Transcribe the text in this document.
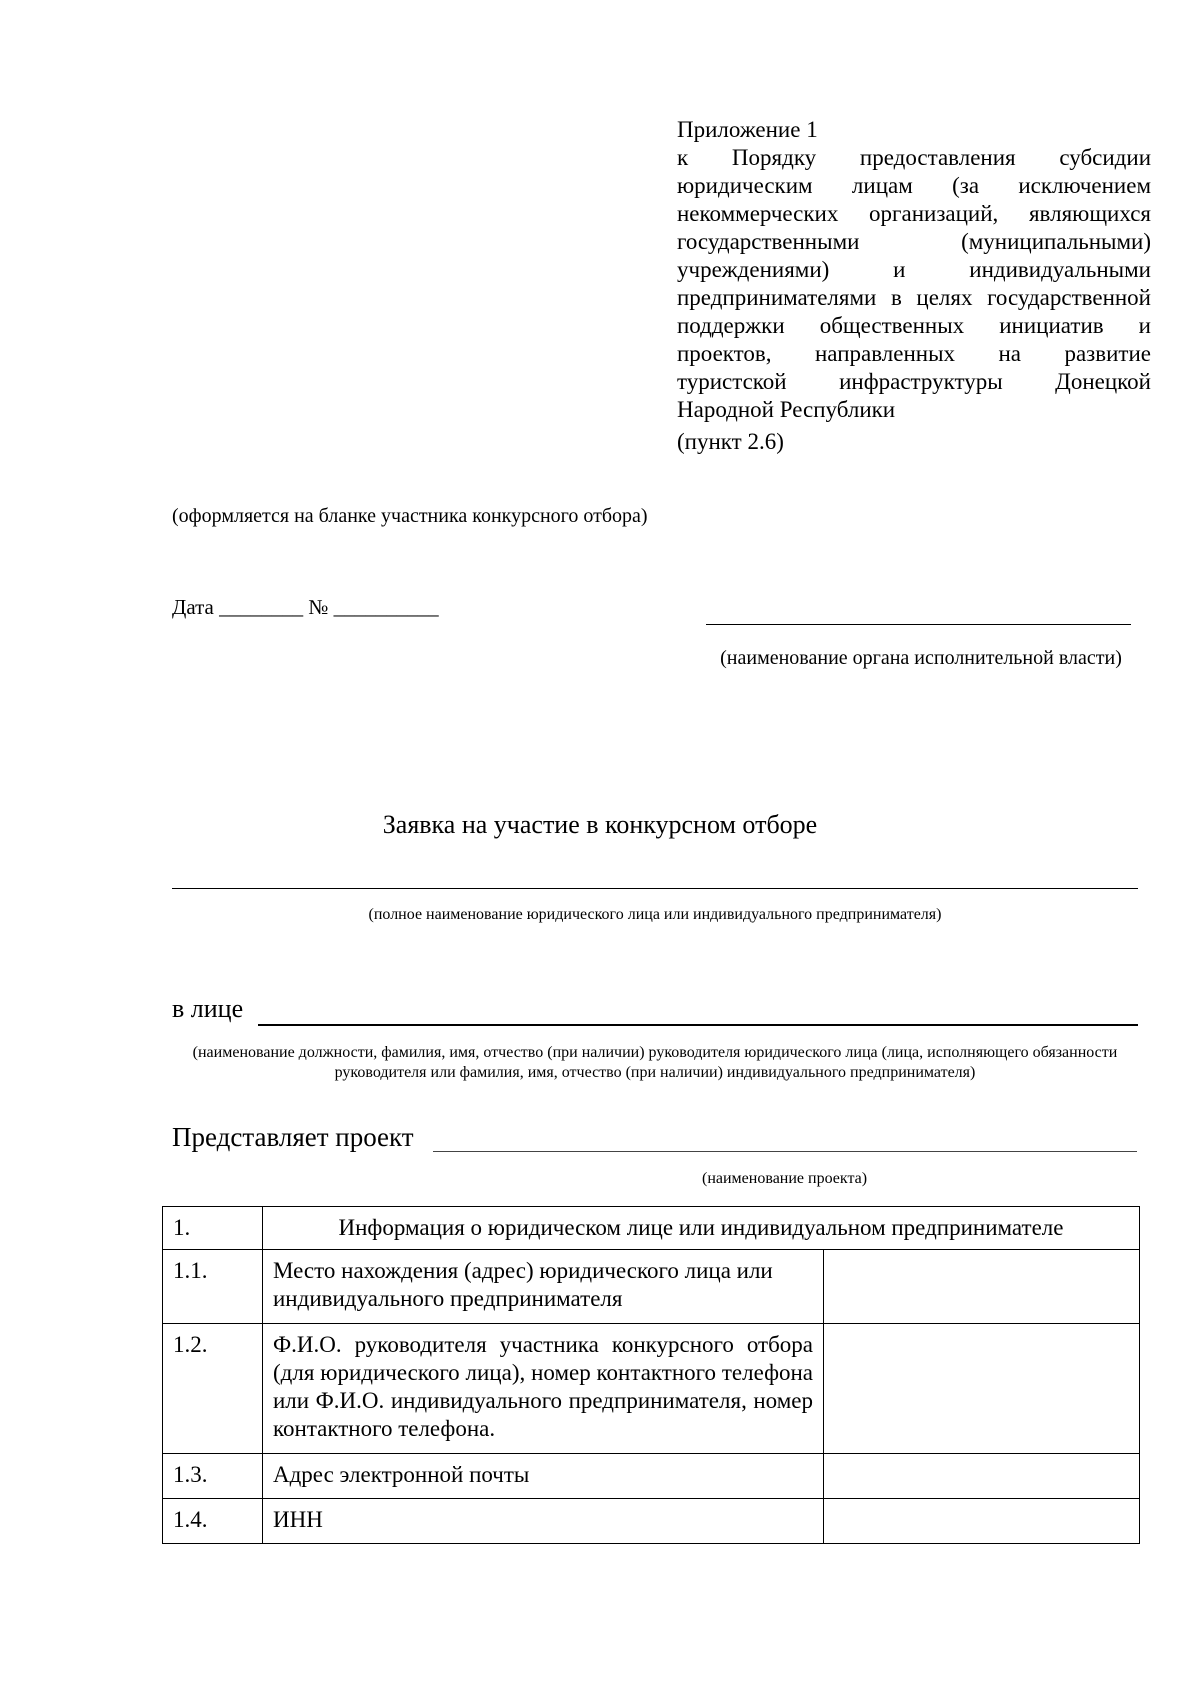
Приложение 1
к Порядку предоставления субсидии юридическим лицам (за исключением некоммерческих организаций, являющихся государственными (муниципальными) учреждениями) и индивидуальными предпринимателями в целях государственной поддержки общественных инициатив и проектов, направленных на развитие туристской инфраструктуры Донецкой Народной Республики
(пункт 2.6)
(оформляется на бланке участника конкурсного отбора)
Дата ________ № __________
(наименование органа исполнительной власти)
Заявка на участие в конкурсном отборе
(полное наименование юридического лица или индивидуального предпринимателя)
в лице
(наименование должности, фамилия, имя, отчество (при наличии) руководителя юридического лица (лица, исполняющего обязанности руководителя или фамилия, имя, отчество (при наличии) индивидуального предпринимателя)
Представляет проект
(наименование проекта)
1.	Информация о юридическом лице или индивидуальном предпринимателе	
1.1.	Место нахождения (адрес) юридического лица или индивидуального предпринимателя	
1.2.	Ф.И.О. руководителя участника конкурсного отбора (для юридического лица), номер контактного телефона или Ф.И.О. индивидуального предпринимателя, номер контактного телефона.	
1.3.	Адрес электронной почты	
1.4.	ИНН	
